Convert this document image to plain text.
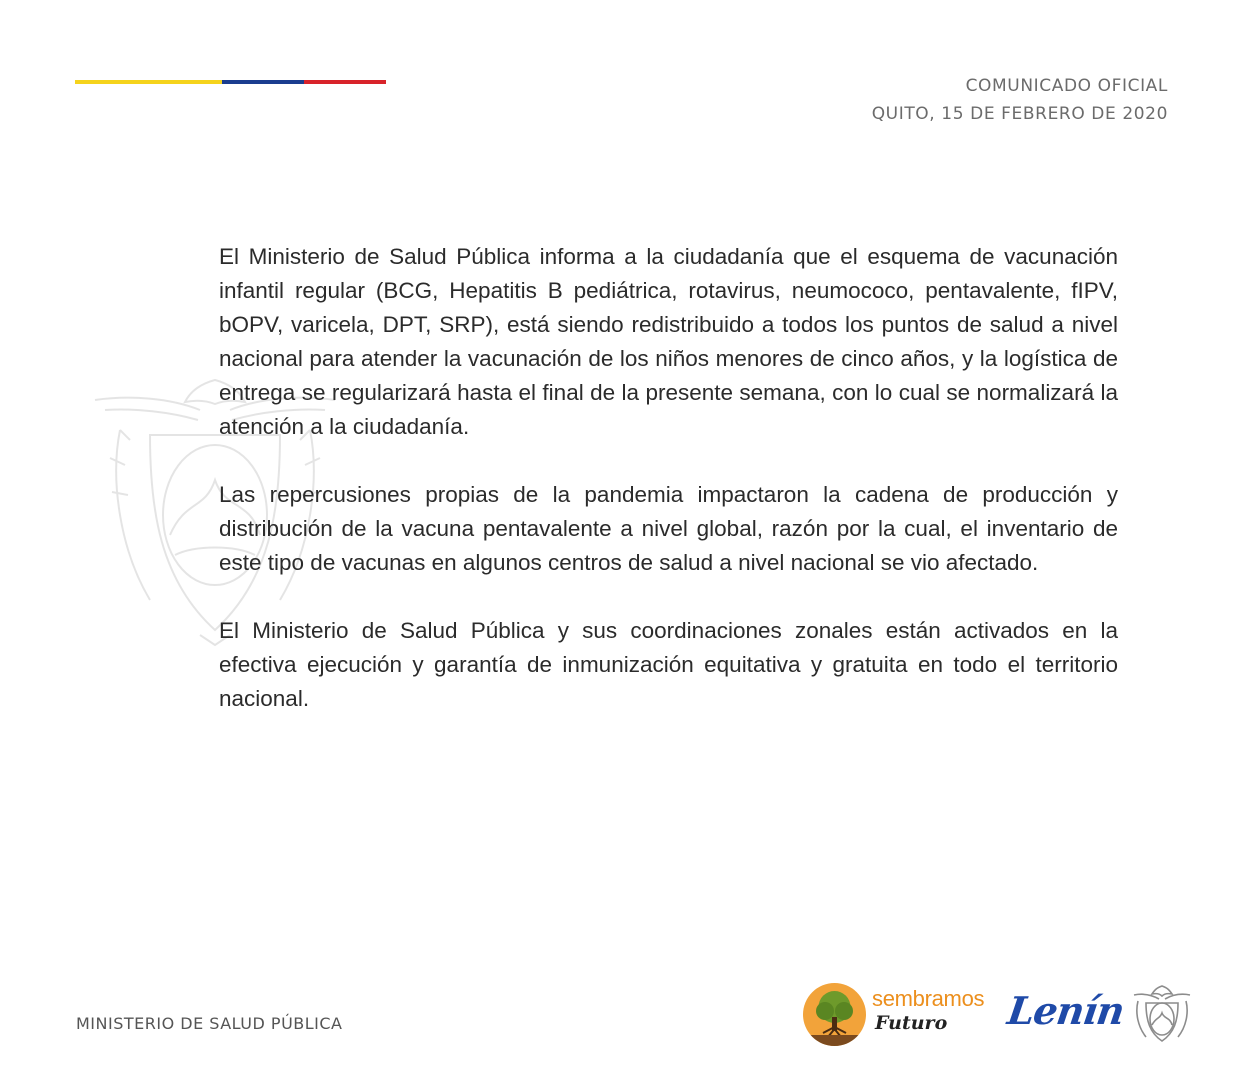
COMUNICADO OFICIAL
QUITO, 15 DE FEBRERO DE 2020

El Ministerio de Salud Pública informa a la ciudadanía que el esquema de vacunación infantil regular (BCG, Hepatitis B pediátrica, rotavirus, neumococo, pentavalente, fIPV, bOPV, varicela, DPT, SRP), está siendo redistribuido a todos los puntos de salud a nivel nacional para atender la vacunación de los niños menores de cinco años, y la logística de entrega se regularizará hasta el final de la presente semana, con lo cual se normalizará la atención a la ciudadanía.

Las repercusiones propias de la pandemia impactaron la cadena de producción y distribución de la vacuna pentavalente a nivel global, razón por la cual, el inventario de este tipo de vacunas en algunos centros de salud a nivel nacional se vio afectado.

El Ministerio de Salud Pública y sus coordinaciones zonales están activados en la efectiva ejecución y garantía de inmunización equitativa y gratuita en todo el territorio nacional.

MINISTERIO DE SALUD PÚBLICA
sembramos
Futuro Lenín
